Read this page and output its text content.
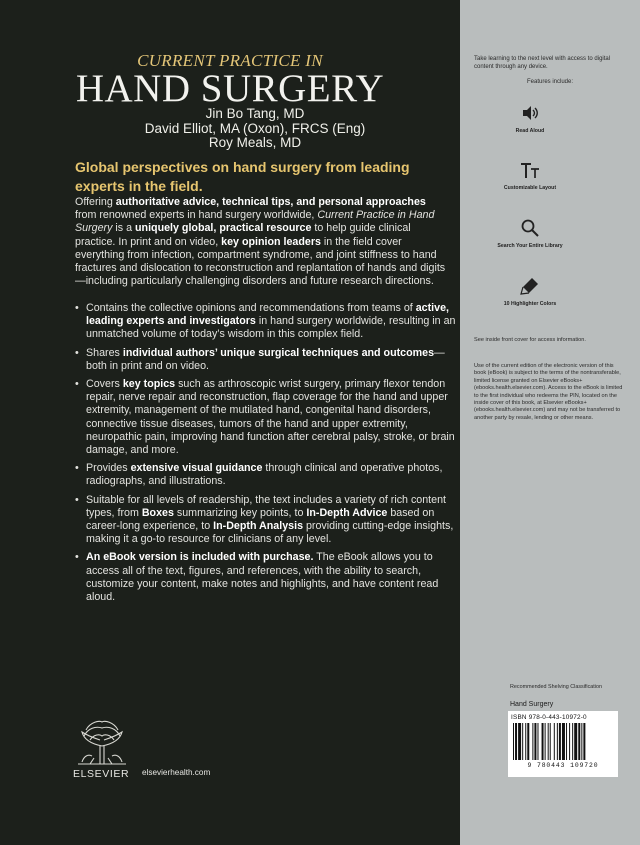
CURRENT PRACTICE IN
HAND SURGERY
Jin Bo Tang, MD
David Elliot, MA (Oxon), FRCS (Eng)
Roy Meals, MD
Global perspectives on hand surgery from leading experts in the field.
Offering authoritative advice, technical tips, and personal approaches from renowned experts in hand surgery worldwide, Current Practice in Hand Surgery is a uniquely global, practical resource to help guide clinical practice. In print and on video, key opinion leaders in the field cover everything from infection, compartment syndrome, and joint stiffness to hand fractures and dislocation to reconstruction and replantation of hands and digits—including particularly challenging disorders and future research directions.
• Contains the collective opinions and recommendations from teams of active, leading experts and investigators in hand surgery worldwide, resulting in an unmatched volume of today’s wisdom in this complex field.
• Shares individual authors’ unique surgical techniques and outcomes—both in print and on video.
• Covers key topics such as arthroscopic wrist surgery, primary flexor tendon repair, nerve repair and reconstruction, flap coverage for the hand and upper extremity, management of the mutilated hand, congenital hand disorders, connective tissue diseases, tumors of the hand and upper extremity, neuropathic pain, improving hand function after cerebral palsy, stroke, or brain damage, and more.
• Provides extensive visual guidance through clinical and operative photos, radiographs, and illustrations.
• Suitable for all levels of readership, the text includes a variety of rich content types, from Boxes summarizing key points, to In-Depth Advice based on career-long experience, to In-Depth Analysis providing cutting-edge insights, making it a go-to resource for clinicians of any level.
• An eBook version is included with purchase. The eBook allows you to access all of the text, figures, and references, with the ability to search, customize your content, make notes and highlights, and have content read aloud.
ELSEVIER elsevierhealth.com
Take learning to the next level with access to digital content through any device.
Features include:
Read Aloud
Customizable Layout
Search Your Entire Library
10 Highlighter Colors
See inside front cover for access information.
Use of the current edition of the electronic version of this book (eBook) is subject to the terms of the nontransferable, limited license granted on Elsevier eBooks+ (ebooks.health.elsevier.com). Access to the eBook is limited to the first individual who redeems the PIN, located on the inside cover of this book, at Elsevier eBooks+ (ebooks.health.elsevier.com) and may not be transferred to another party by resale, lending or other means.
Recommended Shelving Classification
Hand Surgery
ISBN 978-0-443-10972-0
9 780443 109720
